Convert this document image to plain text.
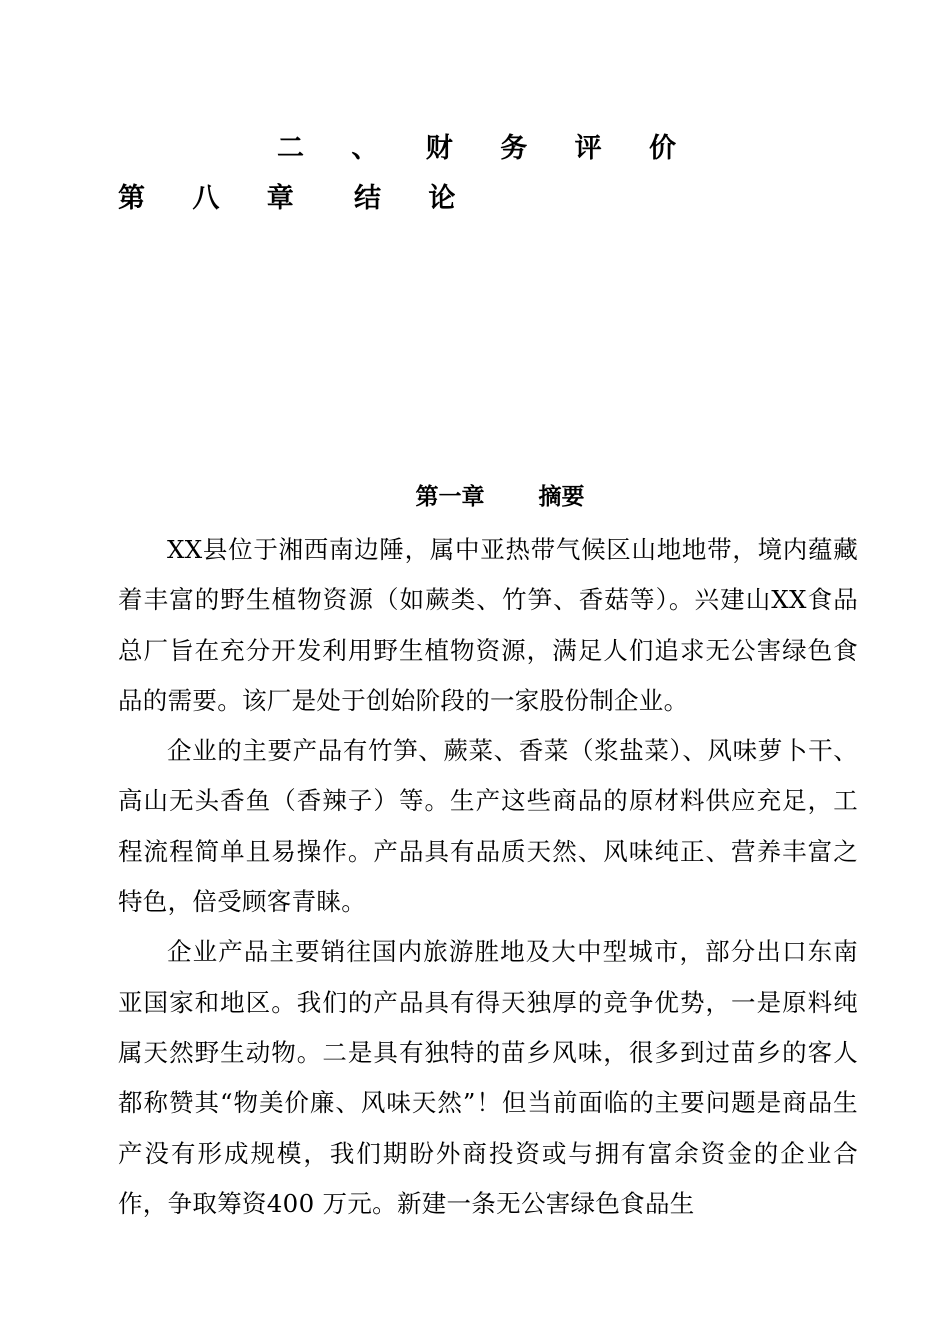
二 、 财 务 评 价
第 八 章 结 论
第一章 摘要

XX县位于湘西南边陲，属中亚热带气候区山地地带，境内蕴藏着丰富的野生植物资源（如蕨类、竹笋、香菇等）。兴建山XX食品总厂旨在充分开发利用野生植物资源，满足人们追求无公害绿色食品的需要。该厂是处于创始阶段的一家股份制企业。

企业的主要产品有竹笋、蕨菜、香菜（浆盐菜）、风味萝卜干、高山无头香鱼（香辣子）等。生产这些商品的原材料供应充足，工程流程简单且易操作。产品具有品质天然、风味纯正、营养丰富之特色，倍受顾客青睐。

企业产品主要销往国内旅游胜地及大中型城市，部分出口东南亚国家和地区。我们的产品具有得天独厚的竞争优势，一是原料纯属天然野生动物。二是具有独特的苗乡风味，很多到过苗乡的客人都称赞其“物美价廉、风味天然”！但当前面临的主要问题是商品生产没有形成规模，我们期盼外商投资或与拥有富余资金的企业合作，争取筹资400 万元。新建一条无公害绿色食品生
